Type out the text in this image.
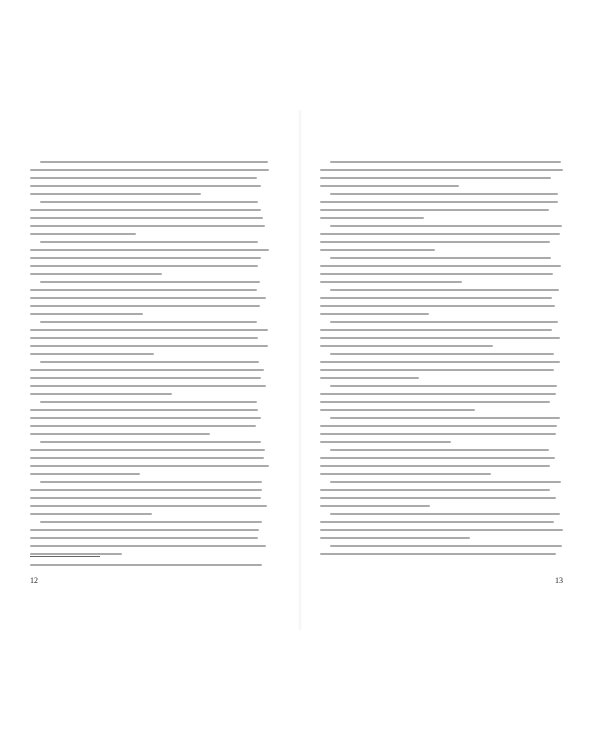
12	13
